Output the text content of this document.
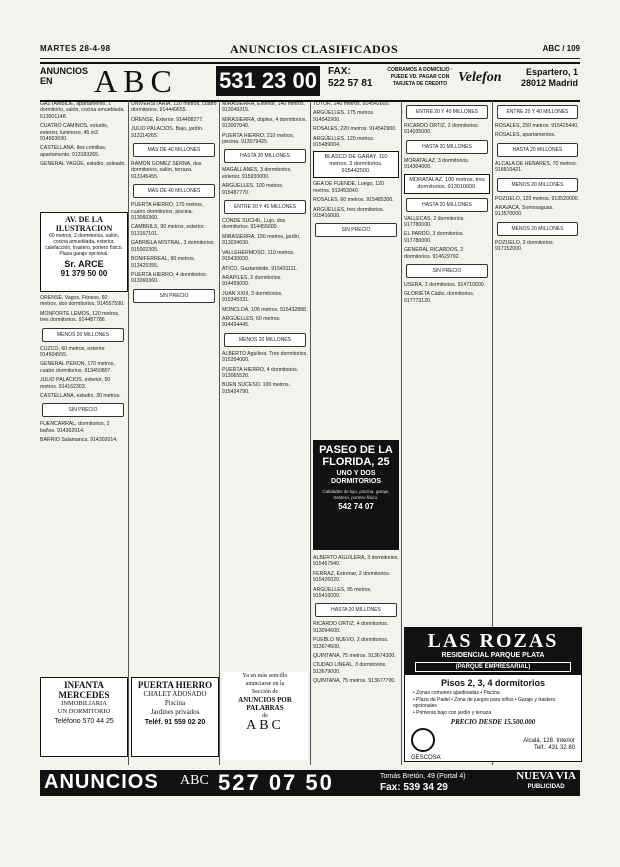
MARTES 28-4-98	ANUNCIOS CLASIFICADOS	ABC / 109
ANUNCIOS
EN	ABC 531 23 00	FAX:
522 57 81
COBRAMOS A DOMICILIO · PUEDE VD. PAGAR CON TARJETA DE CREDITO Velefon	Espartero, 1
28012 Madrid
GAZTAMBIDE, apartamento, 1 dormitorio, salón, cocina amueblada. 613001148.
CUATRO CAMINOS, estudio, exterior, luminoso, 45 m2. 914503690.
CASTELLANA, Iles comillas, apartamento. 913183265.
GENERAL YAGÜE, estudio, soleado.
AV. DE LA ILUSTRACION
60 metros, 2 dormitorios, salón, cocina amueblada, exterior, calefacción, trastero, portero físico. Plaza garaje opcional.
Sr. ARCE
91 379 50 00
ORENSE, Vagos, Fitness, 60 metros, dos dormitorios, 914557590.
MONFORTE LEMOS, 120 metros, tres dormitorios. 914487786.
MENOS 20 MILLONES
CUZCO, 60 metros, exterior. 914504555.
GENERAL PERON, 170 metros, cuatro dormitorios. 913450807.
JULIO PALACIOS, exterior, 50 metros. 914162303.
CASTELLANA, estudio, 30 metros.
SIN PRECIO
FUENCARRAL, dormitorios, 2 baños. 914302014.
BARRIO Salamanca. 914302014.
INFANTA MERCEDES
INMOBILIARIA
UN DORMITORIO
Teléfono 570 44 25
UNIVERSITARIA, 120 metros, cuatro dormitorios. 914449655.
ORENSE, Exterior. 914498277.
JULIO PALACIOS. Bajo, jardín. 913114265.
MÁS DE 40 MILLONES
RAMON GOMEZ SERNA, dos dormitorios, salón, terraza. 913145455.
MÁS DE 40 MILLONES
PUERTA HIERRO, 170 metros, cuatro dormitorios, piscina. 913060360.
CAMBRILS, 90 metros, exterior. 913167101.
GABRIELA MISTRAL, 3 dormitorios. 915002305.
BONIFERREAL, 90 metros. 913425355.
PUERTA HIERRO, 4 dormitorios. 913060360.
SIN PRECIO
PUERTA HIERRO
CHALET ADOSADO
Piscina
Jardines privados
Teléf. 91 559 02 20
MIRASIERRA, Exterior, 140 metros. 913049315.
MIRASIERRA, dúplex, 4 dormitorios. 913007040.
PUERTA HIERRO, 210 metros, piscina. 913079425.
HASTA 20 MILLONES
MAGALLANES, 3 dormitorios, exterior. 915930000.
ARGÜELLES, 100 metros. 915487770.
ENTRE 20 Y 40 MILLONES
CONDE SUCHIL, Lujo, dos dormitorios. 914455000.
MIRASIERRA, 150 metros, jardín. 913034630.
VALLEHERMOSO, 110 metros. 915430000.
ATICO, Gaztambide. 915431111.
ARAPILES, 2 dormitorios. 914459000.
JUAN XXIII, 3 dormitorios. 915345331.
MONCLOA, 105 metros. 915432888.
ARGÜELLES, 60 metros. 914434445.
MENOS 20 MILLONES
ALBERTO Aguilera. Tres dormitorios. 915354000.
PUERTA HIERRO, 4 dormitorios. 913065520.
BUEN SUCESO, 100 metros. 915424790.
Ya en más sencillo
anunciarse en la
Sección de
ANUNCIOS POR PALABRAS
de
ABC
TUTOR, 240 metros. 914542600.
ARGÜELLES, 175 metros. 914542900.
ROSALES, 220 metros. 914542900.
ARGÜELLES, 120 metros. 915489004.
BLASCO DE GARAY. 110 metros, 3 dormitorios. 915442500.
GEA DE FUENDE, Luego, 120 metros. 913453040.
ROSALES, 60 metros. 915485300.
ARGÜELLES, tres dormitorios. 915416000.
SIN PRECIO
PASEO DE LA FLORIDA, 25
UNO Y DOS DORMITORIOS
Calidades de lujo, piscina, garaje, trastero, portero físico.
542 74 07
ALBERTO AGUILERA, 3 dormitorios. 915467940.
FERRAZ, Estrenar, 2 dormitorios. 915426020.
ARGÜELLES, 95 metros. 915416000.
HASTA 20 MILLONES
RICARDO ORTIZ, 4 dormitorios. 913094600.
PUEBLO NUEVO, 2 dormitorios. 913674500.
QUINTANA, 75 metros. 913674300.
CIUDAD LINEAL, 3 dormitorios. 913679000.
QUINTANA, 75 metros. 913677700.
ENTRE 20 Y 40 MILLONES
RICARDO ORTIZ, 2 dormitorios. 914035000.
HASTA 20 MILLONES
MORATALAZ, 3 dormitorios. 914304000.
MORATALAZ. 100 metros, tres dormitorios. 913010600.
HASTA 20 MILLONES
VALLECAS, 2 dormitorios. 917780000.
EL PARDO, 3 dormitorios. 917780000.
GENERAL RICARDOS, 2 dormitorios. 914629792.
SIN PRECIO
USERA, 2 dormitorios. 914710000.
GLORIETA Cádiz, dormitorios. 917773120.
ENTRE 20 Y 40 MILLONES
ROSALES, 250 metros. 915425440.
ROSALES, apartamentos.
HASTA 20 MILLONES
ALCALA DE HENARES, 70 metros. 918810421.
MENOS 20 MILLONES
POZUELO, 120 metros. 913520000.
ARAVACA, Somosaguas. 913570000.
MENOS 20 MILLONES
POZUELO, 3 dormitorios. 917152000.
LAS ROZAS
RESIDENCIAL PARQUE PLATA
(PARQUE EMPRESARIAL)
Pisos 2, 3, 4 dormitorios
• Zonas comunes ajardinadas • Piscina
• Plaza de Padel • Zona de juegos para niños • Garaje y trastero opcionales
• Primeras bajo con jardín y terraza
PRECIO DESDE 15.500.000
GESCOSA
Alcalá, 128. Interior
Telf.: 431 32 80
ANUNCIOS ABC 527 07 50	Tomás Bretón, 49 (Portal 4)
Fax: 539 34 29
NUEVA VIA
PUBLICIDAD
